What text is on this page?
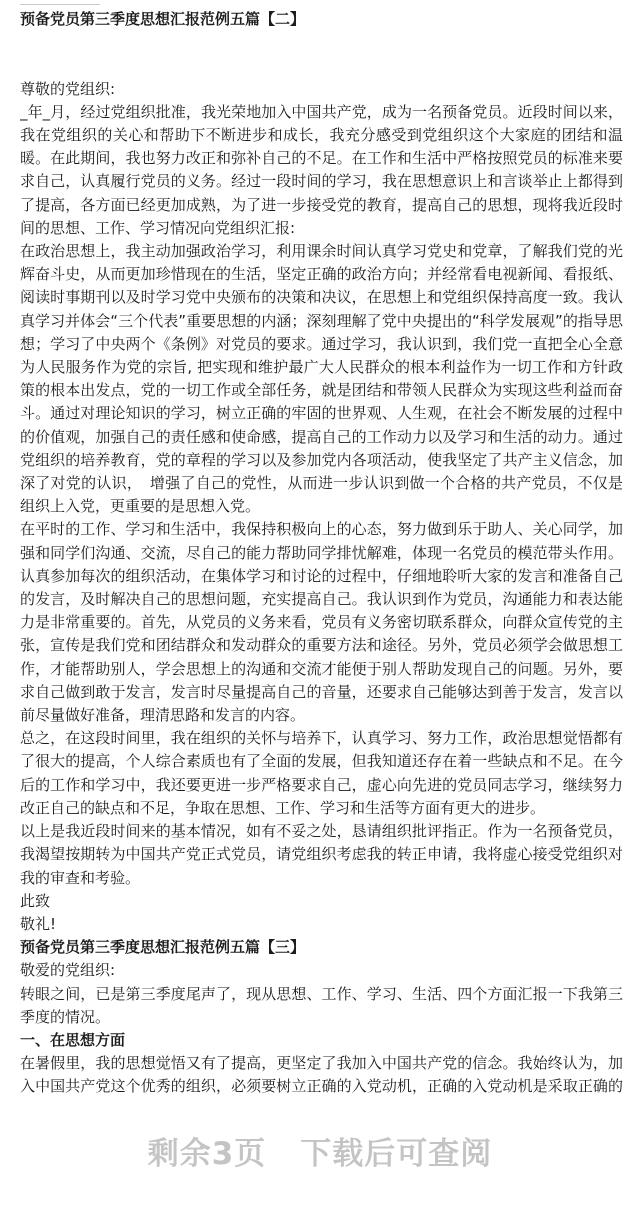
预备党员第三季度思想汇报范例五篇【二】
尊敬的党组织:
_年_月，经过党组织批准，我光荣地加入中国共产党，成为一名预备党员。近段时间以来，
我在党组织的关心和帮助下不断进步和成长，我充分感受到党组织这个大家庭的团结和温
暖。在此期间，我也努力改正和弥补自己的不足。在工作和生活中严格按照党员的标准来要
求自己，认真履行党员的义务。经过一段时间的学习，我在思想意识上和言谈举止上都得到
了提高，各方面已经更加成熟，为了进一步接受党的教育，提高自己的思想，现将我近段时
间的思想、工作、学习情况向党组织汇报:
在政治思想上，我主动加强政治学习，利用课余时间认真学习党史和党章，了解我们党的光
辉奋斗史，从而更加珍惜现在的生活，坚定正确的政治方向；并经常看电视新闻、看报纸、
阅读时事期刊以及时学习党中央颁布的决策和决议，在思想上和党组织保持高度一致。我认
真学习并体会“三个代表”重要思想的内涵；深刻理解了党中央提出的“科学发展观”的指导思
想；学习了中央两个《条例》对党员的要求。通过学习，我认识到，我们党一直把全心全意
为人民服务作为党的宗旨, 把实现和维护最广大人民群众的根本利益作为一切工作和方针政
策的根本出发点，党的一切工作或全部任务，就是团结和带领人民群众为实现这些利益而奋
斗。通过对理论知识的学习，树立正确的牢固的世界观、人生观，在社会不断发展的过程中
的价值观，加强自己的责任感和使命感，提高自己的工作动力以及学习和生活的动力。通过
党组织的培养教育，党的章程的学习以及参加党内各项活动，使我坚定了共产主义信念，加
深了对党的认识，　增强了自己的党性，从而进一步认识到做一个合格的共产党员，不仅是
组织上入党，更重要的是思想入党。
在平时的工作、学习和生活中，我保持积极向上的心态，努力做到乐于助人、关心同学，加
强和同学们沟通、交流，尽自己的能力帮助同学排忧解难，体现一名党员的模范带头作用。
认真参加每次的组织活动，在集体学习和讨论的过程中，仔细地聆听大家的发言和准备自己
的发言，及时解决自己的思想问题，充实提高自己。我认识到作为党员，沟通能力和表达能
力是非常重要的。首先，从党员的义务来看，党员有义务密切联系群众，向群众宣传党的主
张，宣传是我们党和团结群众和发动群众的重要方法和途径。另外，党员必须学会做思想工
作，才能帮助别人，学会思想上的沟通和交流才能便于别人帮助发现自己的问题。另外，要
求自己做到敢于发言，发言时尽量提高自己的音量，还要求自己能够达到善于发言，发言以
前尽量做好准备，理清思路和发言的内容。
总之，在这段时间里，我在组织的关怀与培养下，认真学习、努力工作，政治思想觉悟都有
了很大的提高，个人综合素质也有了全面的发展，但我知道还存在着一些缺点和不足。在今
后的工作和学习中，我还要更进一步严格要求自己，虚心向先进的党员同志学习，继续努力
改正自己的缺点和不足，争取在思想、工作、学习和生活等方面有更大的进步。
以上是我近段时间来的基本情况，如有不妥之处，恳请组织批评指正。作为一名预备党员，
我渴望按期转为中国共产党正式党员，请党组织考虑我的转正申请，我将虚心接受党组织对
我的审查和考验。
此致
敬礼!
预备党员第三季度思想汇报范例五篇【三】
敬爱的党组织:
转眼之间，已是第三季度尾声了，现从思想、工作、学习、生活、四个方面汇报一下我第三
季度的情况。
一、在思想方面
在暑假里，我的思想觉悟又有了提高，更坚定了我加入中国共产党的信念。我始终认为，加
入中国共产党这个优秀的组织，必须要树立正确的入党动机，正确的入党动机是采取正确的
剩余3页 下载后可查阅
